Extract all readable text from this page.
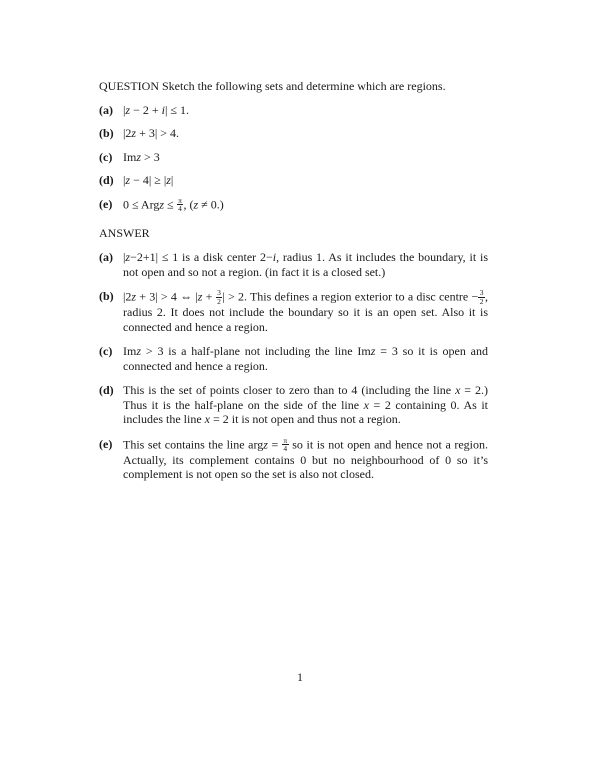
QUESTION Sketch the following sets and determine which are regions.
(a) |z − 2 + i| ≤ 1.
(b) |2z + 3| > 4.
(c) Imz > 3
(d) |z − 4| ≥ |z|
(e) 0 ≤ Argz ≤ $\frac{\pi}{4}$ , (z ≠ 0.)
ANSWER
(a) |z−2+1| ≤ 1 is a disk center 2−i, radius 1. As it includes the boundary, it is not open and so not a region. (in fact it is a closed set.)
(b) |2z + 3| > 4 ⇔ $|z + \frac{3}{2}$ | > 2. This defines a region exterior to a disc centre − $\frac{3}{2}$ , radius 2. It does not include the boundary so it is an open set. Also it is connected and hence a region.
(c) Imz > 3 is a half-plane not including the line Imz = 3 so it is open and connected and hence a region.
(d) This is the set of points closer to zero than to 4 (including the line x = 2.) Thus it is the half-plane on the side of the line x = 2 containing 0. As it includes the line x = 2 it is not open and thus not a region.
(e) This set contains the line argz = $\frac{\pi}{4}$ so it is not open and hence not a region. Actually, its complement contains 0 but no neighbourhood of 0 so it’s complement is not open so the set is also not closed.
1
